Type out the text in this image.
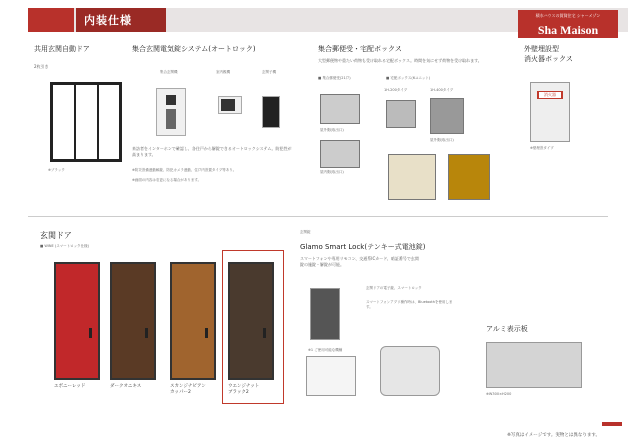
内装仕様	積水ハウスの賃貸住宅 シャーメゾン
Sha Maison
共用玄関自動ドア
2枚引き
※ブラック
集合玄関電気錠システム(オートロック)
集合玄関機	室内親機	玄関子機
来訪者をインターホンで確認し、各住戸から解錠できるオートロックシステム。防犯性が高まります。
※防災設備連動解錠、防犯カメラ連動、住戸内設置タイプ等あり。
※画面の内容は変更になる場合があります。
集合郵便受・宅配ボックス
大型郵便物や重たい荷物も受け取れる宅配ボックス。時間を気にせず荷物を受け取れます。
■ 集合郵便受(21戸)	■ 宅配ボックス(6ユニット)
屋外側(取出口)
屋内側(取出口)
1H-200タイプ	1H-400タイプ
屋外側(取出口)
外壁埋設型
消火器ボックス
消火器
※壁埋設タイプ
玄関ドア
■ WINE (スマートロック仕様)
エボニーレッド	ダークオニキス	スカンジナビアン
カッパー2
ウエンジナット
ブラック2
玄関錠
Glamo Smart Lock(テンキー式電池錠)
スマートフォンや専用リモコン、交通系ICカード、暗証番号で玄関錠の施錠・解錠が可能。
玄関ドアの電子錠、スマートロック
スマートフォンアプリ操作時は、Bluetoothを使用します。
※1 ご使用可能な機種
アルミ表示板
※W300×H200
※写真はイメージです。実物とは異なります。
